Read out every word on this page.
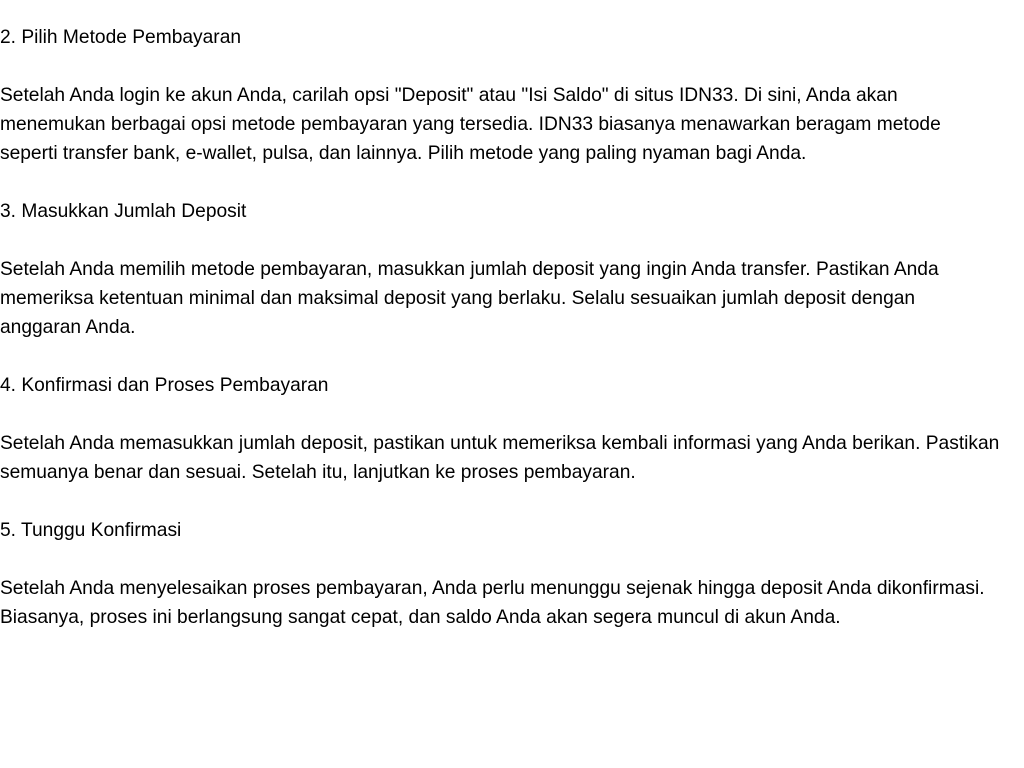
2. Pilih Metode Pembayaran

Setelah Anda login ke akun Anda, carilah opsi "Deposit" atau "Isi Saldo" di situs IDN33. Di sini, Anda akan menemukan berbagai opsi metode pembayaran yang tersedia. IDN33 biasanya menawarkan beragam metode seperti transfer bank, e-wallet, pulsa, dan lainnya. Pilih metode yang paling nyaman bagi Anda.

3. Masukkan Jumlah Deposit

Setelah Anda memilih metode pembayaran, masukkan jumlah deposit yang ingin Anda transfer. Pastikan Anda memeriksa ketentuan minimal dan maksimal deposit yang berlaku. Selalu sesuaikan jumlah deposit dengan anggaran Anda.

4. Konfirmasi dan Proses Pembayaran

Setelah Anda memasukkan jumlah deposit, pastikan untuk memeriksa kembali informasi yang Anda berikan. Pastikan semuanya benar dan sesuai. Setelah itu, lanjutkan ke proses pembayaran.

5. Tunggu Konfirmasi

Setelah Anda menyelesaikan proses pembayaran, Anda perlu menunggu sejenak hingga deposit Anda dikonfirmasi. Biasanya, proses ini berlangsung sangat cepat, dan saldo Anda akan segera muncul di akun Anda.
